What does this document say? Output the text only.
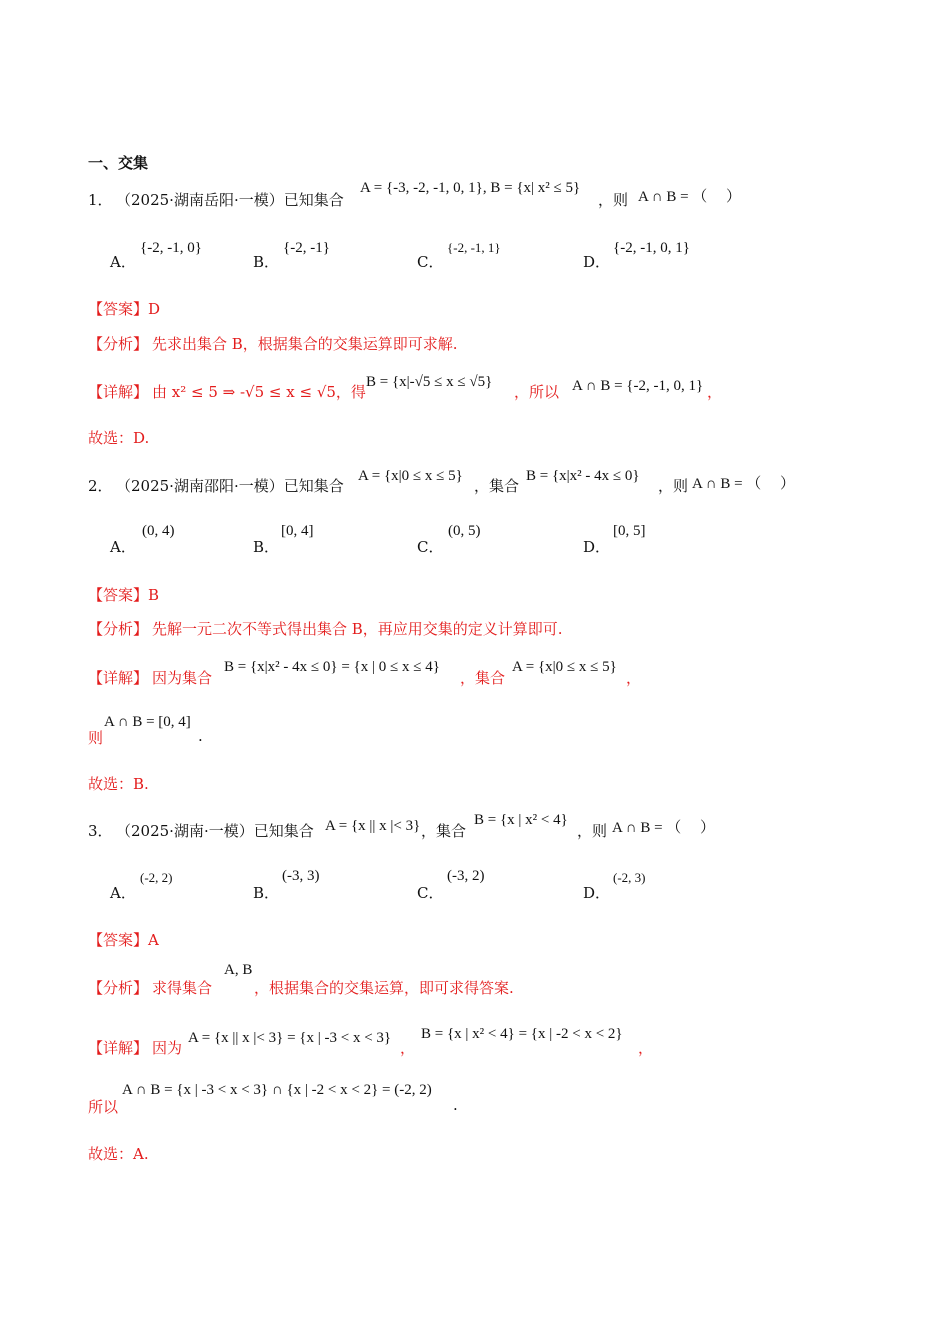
一、交集
1． （2025·湖南岳阳·一模）已知集合
A = {-3, -2, -1, 0, 1}, B = {x| x² ≤ 5}
，则 A ∩ B = （　 ）
A．
{-2, -1, 0}
B．
{-2, -1}
C．
{-2, -1, 1}
D．
{-2, -1, 0, 1}
【答案】D
【分析】 先求出集合 B，根据集合的交集运算即可求解.
【详解】 由 x² ≤ 5 ⇒ -√5 ≤ x ≤ √5，得
B = {x|-√5 ≤ x ≤ √5}
，所以 A ∩ B = {-2, -1, 0, 1} ，
故选：D.
2． （2025·湖南邵阳·一模）已知集合
A = {x|0 ≤ x ≤ 5}
，集合
B = {x|x² - 4x ≤ 0}
，则 A ∩ B = （　 ）
A．
(0, 4)
B．
[0, 4]
C．
(0, 5)
D．
[0, 5]
【答案】B
【分析】 先解一元二次不等式得出集合 B，再应用交集的定义计算即可.
【详解】 因为集合
B = {x|x² - 4x ≤ 0} = {x | 0 ≤ x ≤ 4}
，集合
A = {x|0 ≤ x ≤ 5}
，
则
A ∩ B = [0, 4]
.
故选：B.
3． （2025·湖南·一模）已知集合 A = {x || x |< 3} ，集合
B = {x | x² < 4}
，则 A ∩ B = （　 ）
A．
(-2, 2)
B．
(-3, 3)
C．
(-3, 2)
D．
(-2, 3)
【答案】A
A, B
【分析】 求得集合	，根据集合的交集运算，即可求得答案.
【详解】 因为
A = {x || x |< 3} = {x | -3 < x < 3}
，
B = {x | x² < 4} = {x | -2 < x < 2}
，
所以
A ∩ B = {x | -3 < x < 3} ∩ {x | -2 < x < 2} = (-2, 2)
.
故选：A.
